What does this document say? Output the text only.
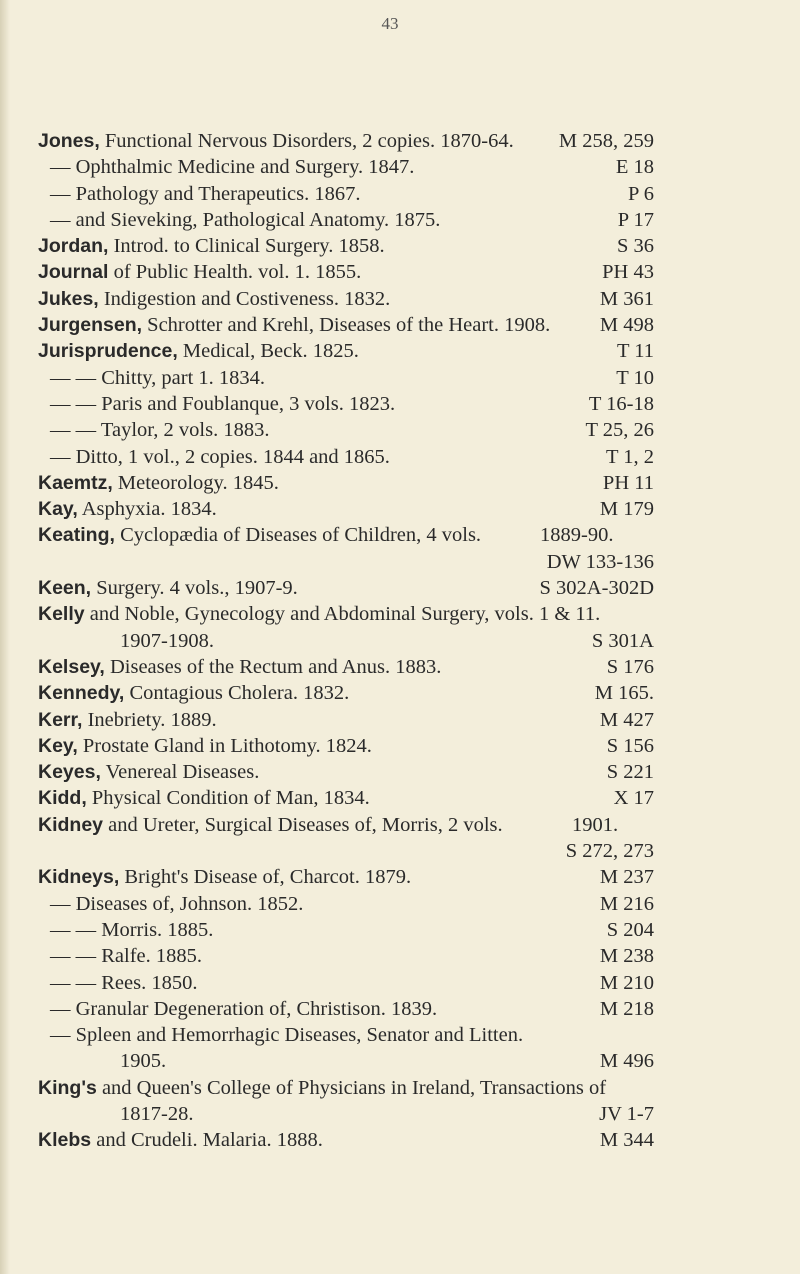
43
Jones, Functional Nervous Disorders, 2 copies. 1870-64. M 258, 259
— Ophthalmic Medicine and Surgery. 1847.	E 18
— Pathology and Therapeutics. 1867.	P 6
— and Sieveking, Pathological Anatomy. 1875.	P 17
Jordan, Introd. to Clinical Surgery. 1858.	S 36
Journal of Public Health. vol. 1. 1855.	PH 43
Jukes, Indigestion and Costiveness. 1832.	M 361
Jurgensen, Schrotter and Krehl, Diseases of the Heart. 1908. M 498
Jurisprudence, Medical, Beck. 1825.	T 11
— — Chitty, part 1. 1834.	T 10
— — Paris and Foublanque, 3 vols. 1823.	T 16-18
— — Taylor, 2 vols. 1883.	T 25, 26
— Ditto, 1 vol., 2 copies. 1844 and 1865.	T 1, 2
Kaemtz, Meteorology. 1845.	PH 11
Kay, Asphyxia. 1834.	M 179
Keating, Cyclopædia of Diseases of Children, 4 vols.	1889-90.
DW 133-136
Keen, Surgery. 4 vols., 1907-9.	S 302A-302D
Kelly and Noble, Gynecology and Abdominal Surgery, vols. 1 & 11.
1907-1908.	S 301A
Kelsey, Diseases of the Rectum and Anus. 1883.	S 176
Kennedy, Contagious Cholera. 1832.	M 165.
Kerr, Inebriety. 1889.	M 427
Key, Prostate Gland in Lithotomy. 1824.	S 156
Keyes, Venereal Diseases.	S 221
Kidd, Physical Condition of Man, 1834.	X 17
Kidney and Ureter, Surgical Diseases of, Morris, 2 vols.	1901.
S 272, 273
Kidneys, Bright's Disease of, Charcot. 1879.	M 237
— Diseases of, Johnson. 1852.	M 216
— — Morris. 1885.	S 204
— — Ralfe. 1885.	M 238
— — Rees. 1850.	M 210
— Granular Degeneration of, Christison. 1839.	M 218
— Spleen and Hemorrhagic Diseases, Senator and Litten.
1905.	M 496
King's and Queen's College of Physicians in Ireland, Transactions of
1817-28.	JV 1-7
Klebs and Crudeli. Malaria. 1888.	M 344
